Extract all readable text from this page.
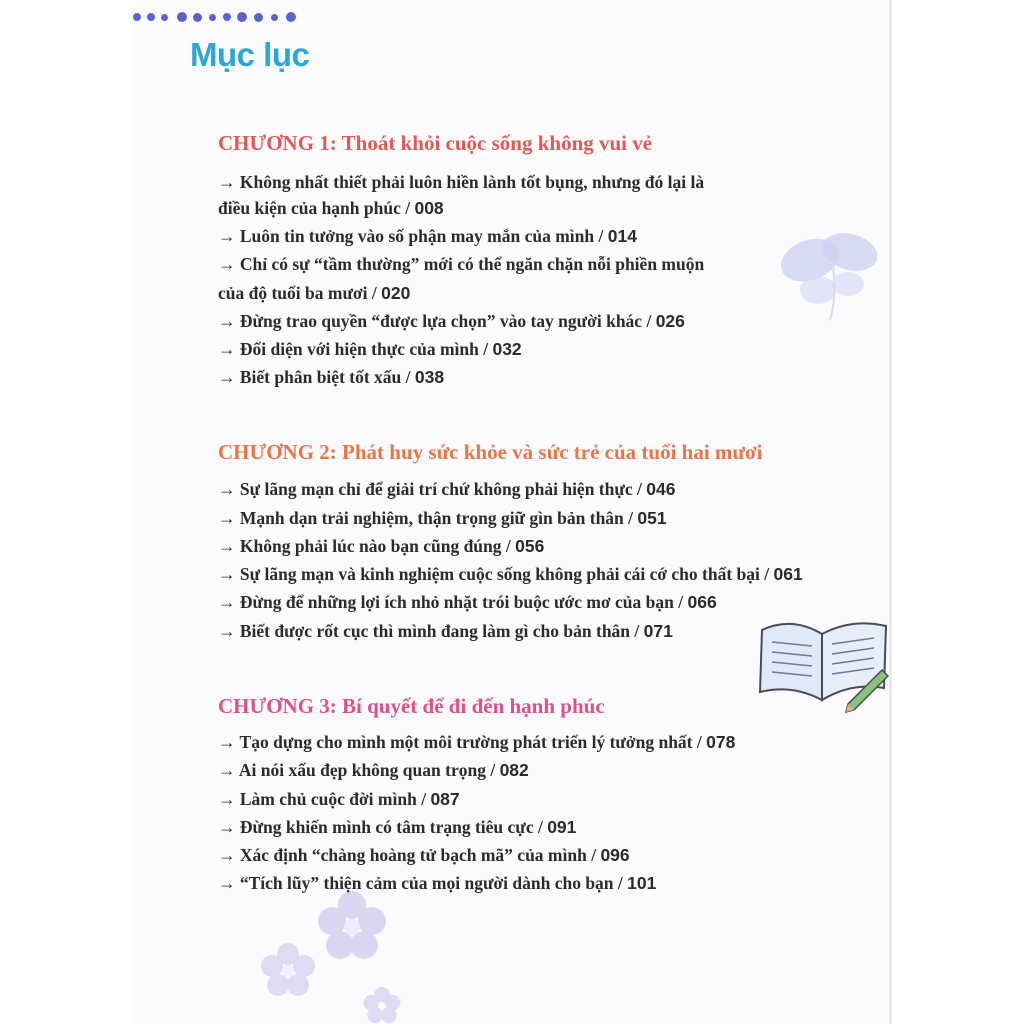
Mục lục
CHƯƠNG 1: Thoát khỏi cuộc sống không vui vẻ
→ Không nhất thiết phải luôn hiền lành tốt bụng, nhưng đó lại là
điều kiện của hạnh phúc / 008
→ Luôn tin tưởng vào số phận may mắn của mình / 014
→ Chỉ có sự “tầm thường” mới có thể ngăn chặn nỗi phiền muộn
của độ tuổi ba mươi / 020
→ Đừng trao quyền “được lựa chọn” vào tay người khác / 026
→ Đối diện với hiện thực của mình / 032
→ Biết phân biệt tốt xấu / 038
CHƯƠNG 2: Phát huy sức khỏe và sức trẻ của tuổi hai mươi
→ Sự lãng mạn chỉ để giải trí chứ không phải hiện thực / 046
→ Mạnh dạn trải nghiệm, thận trọng giữ gìn bản thân / 051
→ Không phải lúc nào bạn cũng đúng / 056
→ Sự lãng mạn và kinh nghiệm cuộc sống không phải cái cớ cho thất bại / 061
→ Đừng để những lợi ích nhỏ nhặt trói buộc ước mơ của bạn / 066
→ Biết được rốt cục thì mình đang làm gì cho bản thân / 071
CHƯƠNG 3: Bí quyết để đi đến hạnh phúc
→ Tạo dựng cho mình một môi trường phát triển lý tưởng nhất / 078
→ Ai nói xấu đẹp không quan trọng / 082
→ Làm chủ cuộc đời mình / 087
→ Đừng khiến mình có tâm trạng tiêu cực / 091
→ Xác định “chàng hoàng tử bạch mã” của mình / 096
→ “Tích lũy” thiện cảm của mọi người dành cho bạn / 101
